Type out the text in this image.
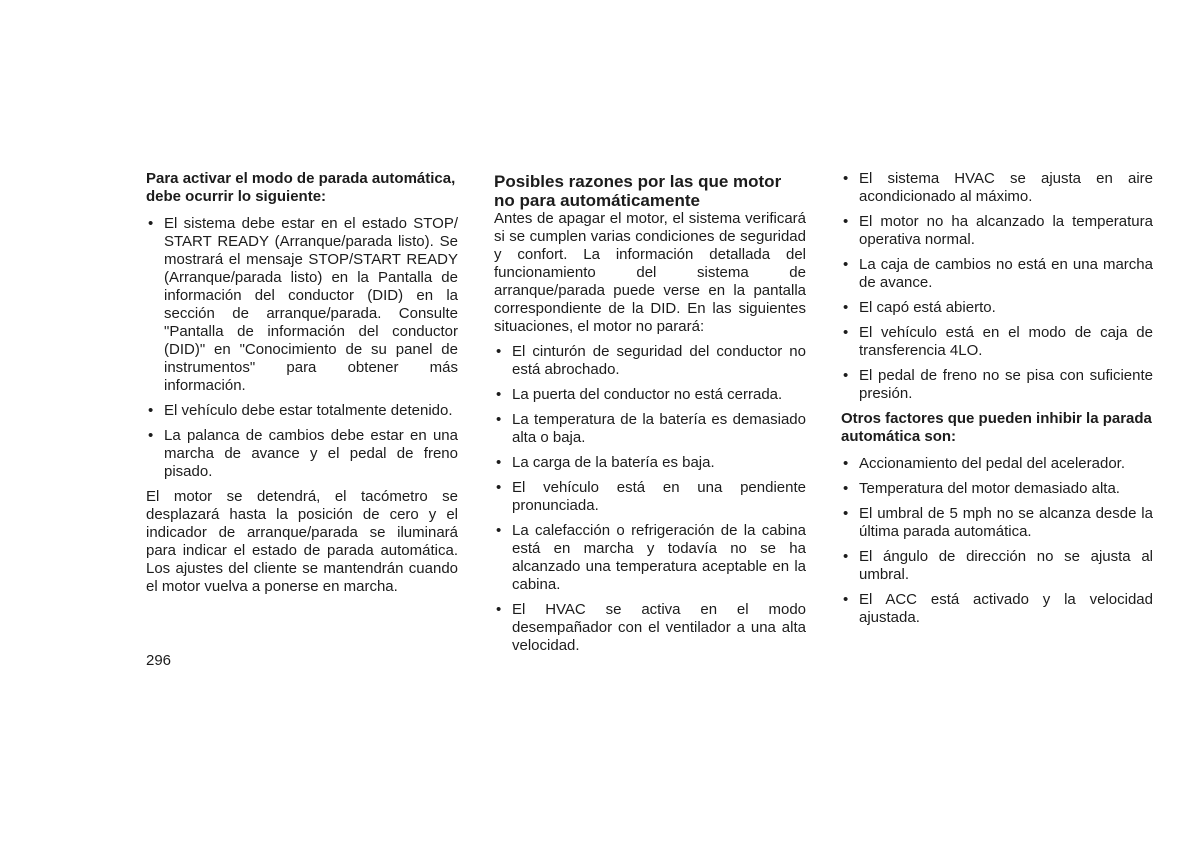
Para activar el modo de parada automática, debe ocurrir lo siguiente:
• El sistema debe estar en el estado STOP/ START READY (Arranque/parada listo). Se mostrará el mensaje STOP/START READY (Arranque/parada listo) en la Pantalla de información del conductor (DID) en la sección de arranque/parada. Consulte "Pantalla de información del conductor (DID)" en "Conocimiento de su panel de instrumentos" para obtener más información.
• El vehículo debe estar totalmente detenido.
• La palanca de cambios debe estar en una marcha de avance y el pedal de freno pisado.

El motor se detendrá, el tacómetro se desplazará hasta la posición de cero y el indicador de arranque/parada se iluminará para indicar el estado de parada automática. Los ajustes del cliente se mantendrán cuando el motor vuelva a ponerse en marcha.

Posibles razones por las que motor no para automáticamente

Antes de apagar el motor, el sistema verificará si se cumplen varias condiciones de seguridad y confort. La información detallada del funcionamiento del sistema de arranque/parada puede verse en la pantalla correspondiente de la DID. En las siguientes situaciones, el motor no parará:

• El cinturón de seguridad del conductor no está abrochado.
• La puerta del conductor no está cerrada.
• La temperatura de la batería es demasiado alta o baja.
• La carga de la batería es baja.
• El vehículo está en una pendiente pronunciada.
• La calefacción o refrigeración de la cabina está en marcha y todavía no se ha alcanzado una temperatura aceptable en la cabina.
• El HVAC se activa en el modo desempañador con el ventilador a una alta velocidad.
• El sistema HVAC se ajusta en aire acondicionado al máximo.
• El motor no ha alcanzado la temperatura operativa normal.
• La caja de cambios no está en una marcha de avance.
• El capó está abierto.
• El vehículo está en el modo de caja de transferencia 4LO.
• El pedal de freno no se pisa con suficiente presión.
Otros factores que pueden inhibir la parada automática son:
• Accionamiento del pedal del acelerador.
• Temperatura del motor demasiado alta.
• El umbral de 5 mph no se alcanza desde la última parada automática.
• El ángulo de dirección no se ajusta al umbral.
• El ACC está activado y la velocidad ajustada.
296
